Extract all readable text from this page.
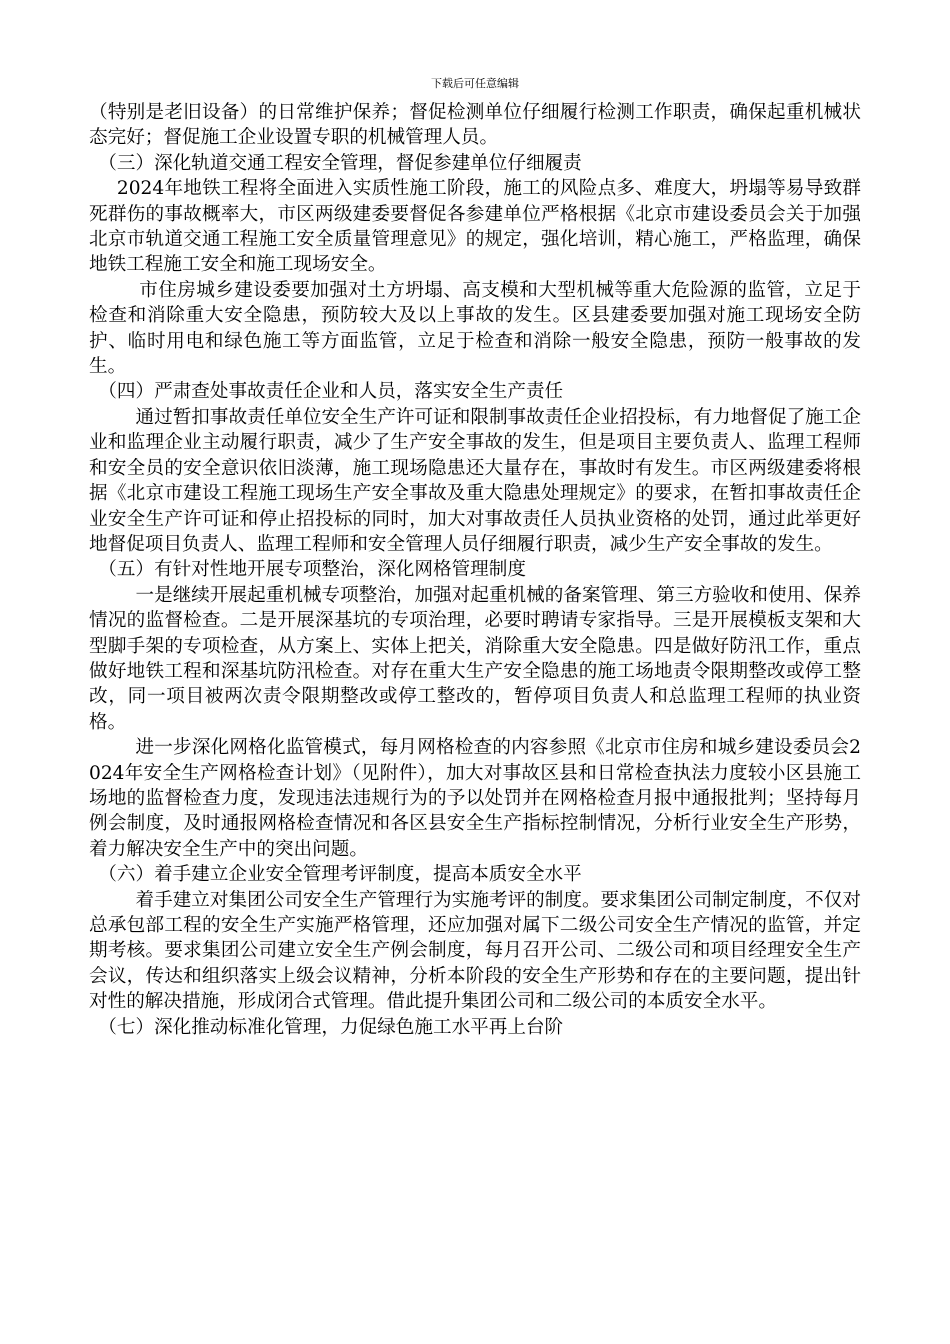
下载后可任意编辑

（特别是老旧设备）的日常维护保养；督促检测单位仔细履行检测工作职责，确保起重机械状态完好；督促施工企业设置专职的机械管理人员。

（三）深化轨道交通工程安全管理，督促参建单位仔细履责

2024年地铁工程将全面进入实质性施工阶段，施工的风险点多、难度大，坍塌等易导致群死群伤的事故概率大，市区两级建委要督促各参建单位严格根据《北京市建设委员会关于加强北京市轨道交通工程施工安全质量管理意见》的规定，强化培训，精心施工，严格监理，确保地铁工程施工安全和施工现场安全。

市住房城乡建设委要加强对土方坍塌、高支模和大型机械等重大危险源的监管，立足于检查和消除重大安全隐患，预防较大及以上事故的发生。区县建委要加强对施工现场安全防护、临时用电和绿色施工等方面监管，立足于检查和消除一般安全隐患，预防一般事故的发生。

（四）严肃查处事故责任企业和人员，落实安全生产责任

通过暂扣事故责任单位安全生产许可证和限制事故责任企业招投标，有力地督促了施工企业和监理企业主动履行职责，减少了生产安全事故的发生，但是项目主要负责人、监理工程师和安全员的安全意识依旧淡薄，施工现场隐患还大量存在，事故时有发生。市区两级建委将根据《北京市建设工程施工现场生产安全事故及重大隐患处理规定》的要求，在暂扣事故责任企业安全生产许可证和停止招投标的同时，加大对事故责任人员执业资格的处罚，通过此举更好地督促项目负责人、监理工程师和安全管理人员仔细履行职责，减少生产安全事故的发生。

（五）有针对性地开展专项整治，深化网格管理制度

一是继续开展起重机械专项整治，加强对起重机械的备案管理、第三方验收和使用、保养情况的监督检查。二是开展深基坑的专项治理，必要时聘请专家指导。三是开展模板支架和大型脚手架的专项检查，从方案上、实体上把关，消除重大安全隐患。四是做好防汛工作，重点做好地铁工程和深基坑防汛检查。对存在重大生产安全隐患的施工场地责令限期整改或停工整改，同一项目被两次责令限期整改或停工整改的，暂停项目负责人和总监理工程师的执业资格。

进一步深化网格化监管模式，每月网格检查的内容参照《北京市住房和城乡建设委员会2024年安全生产网格检查计划》（见附件），加大对事故区县和日常检查执法力度较小区县施工场地的监督检查力度，发现违法违规行为的予以处罚并在网格检查月报中通报批判；坚持每月例会制度，及时通报网格检查情况和各区县安全生产指标控制情况，分析行业安全生产形势，着力解决安全生产中的突出问题。

（六）着手建立企业安全管理考评制度，提高本质安全水平

着手建立对集团公司安全生产管理行为实施考评的制度。要求集团公司制定制度，不仅对总承包部工程的安全生产实施严格管理，还应加强对属下二级公司安全生产情况的监管，并定期考核。要求集团公司建立安全生产例会制度，每月召开公司、二级公司和项目经理安全生产会议，传达和组织落实上级会议精神，分析本阶段的安全生产形势和存在的主要问题，提出针对性的解决措施，形成闭合式管理。借此提升集团公司和二级公司的本质安全水平。

（七）深化推动标准化管理，力促绿色施工水平再上台阶
